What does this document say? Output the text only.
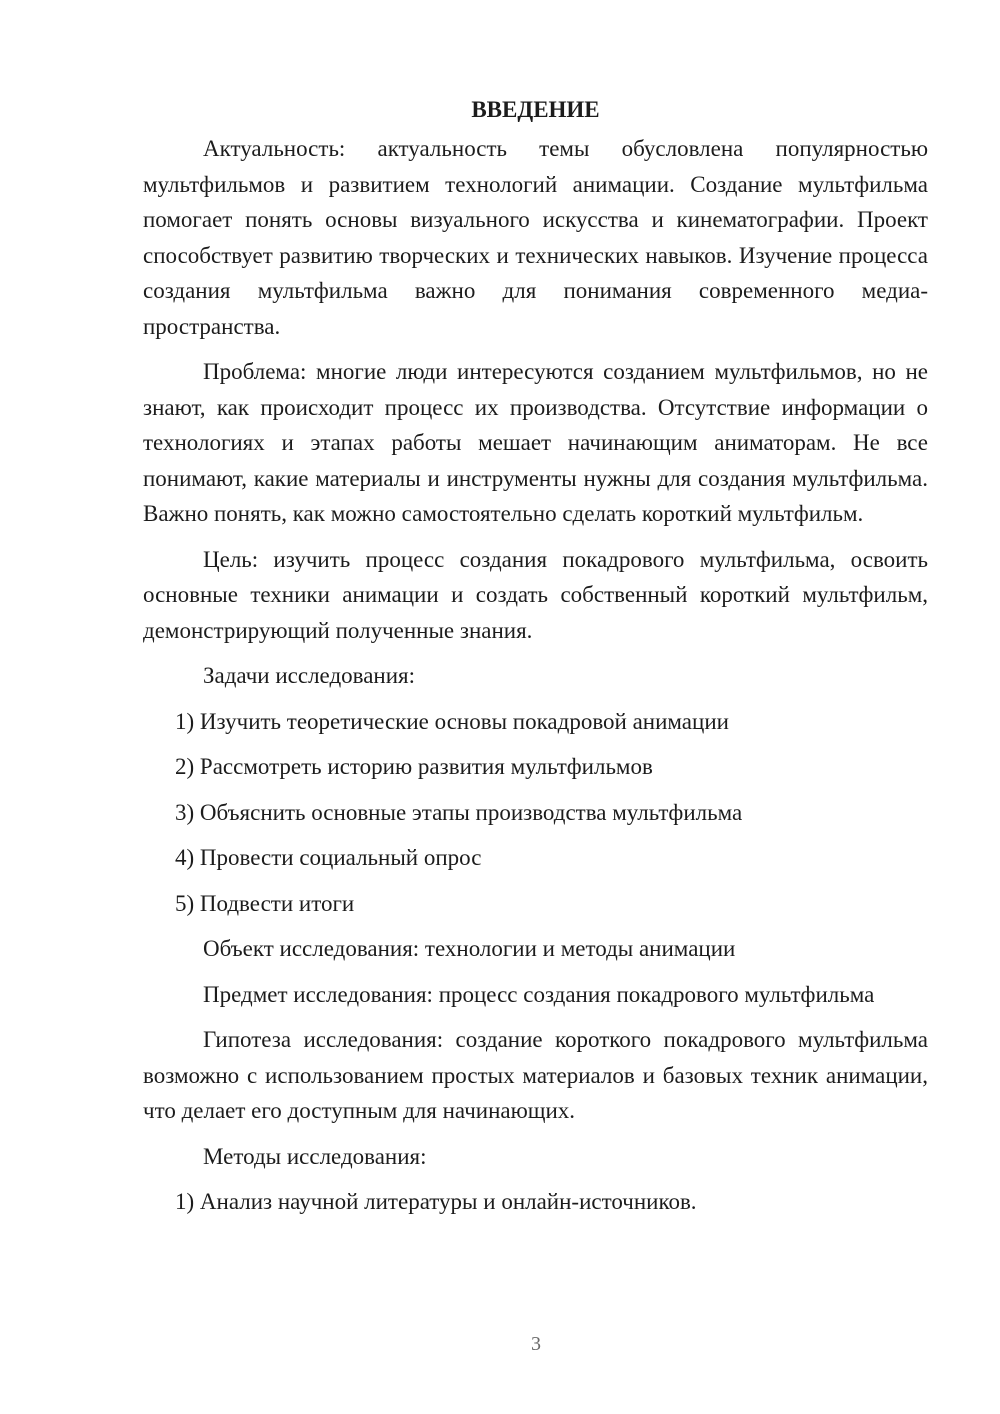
ВВЕДЕНИЕ

Актуальность: актуальность темы обусловлена популярностью мультфильмов и развитием технологий анимации. Создание мультфильма помогает понять основы визуального искусства и кинематографии. Проект способствует развитию творческих и технических навыков. Изучение процесса создания мультфильма важно для понимания современного медиа-пространства.

Проблема: многие люди интересуются созданием мультфильмов, но не знают, как происходит процесс их производства. Отсутствие информации о технологиях и этапах работы мешает начинающим аниматорам. Не все понимают, какие материалы и инструменты нужны для создания мультфильма. Важно понять, как можно самостоятельно сделать короткий мультфильм.

Цель: изучить процесс создания покадрового мультфильма, освоить основные техники анимации и создать собственный короткий мультфильм, демонстрирующий полученные знания.

Задачи исследования:

1) Изучить теоретические основы покадровой анимации
2) Рассмотреть историю развития мультфильмов
3) Объяснить основные этапы производства мультфильма
4) Провести социальный опрос
5) Подвести итоги

Объект исследования: технологии и методы анимации

Предмет исследования: процесс создания покадрового мультфильма

Гипотеза исследования: создание короткого покадрового мультфильма возможно с использованием простых материалов и базовых техник анимации, что делает его доступным для начинающих.

Методы исследования:

1) Анализ научной литературы и онлайн-источников.
3
